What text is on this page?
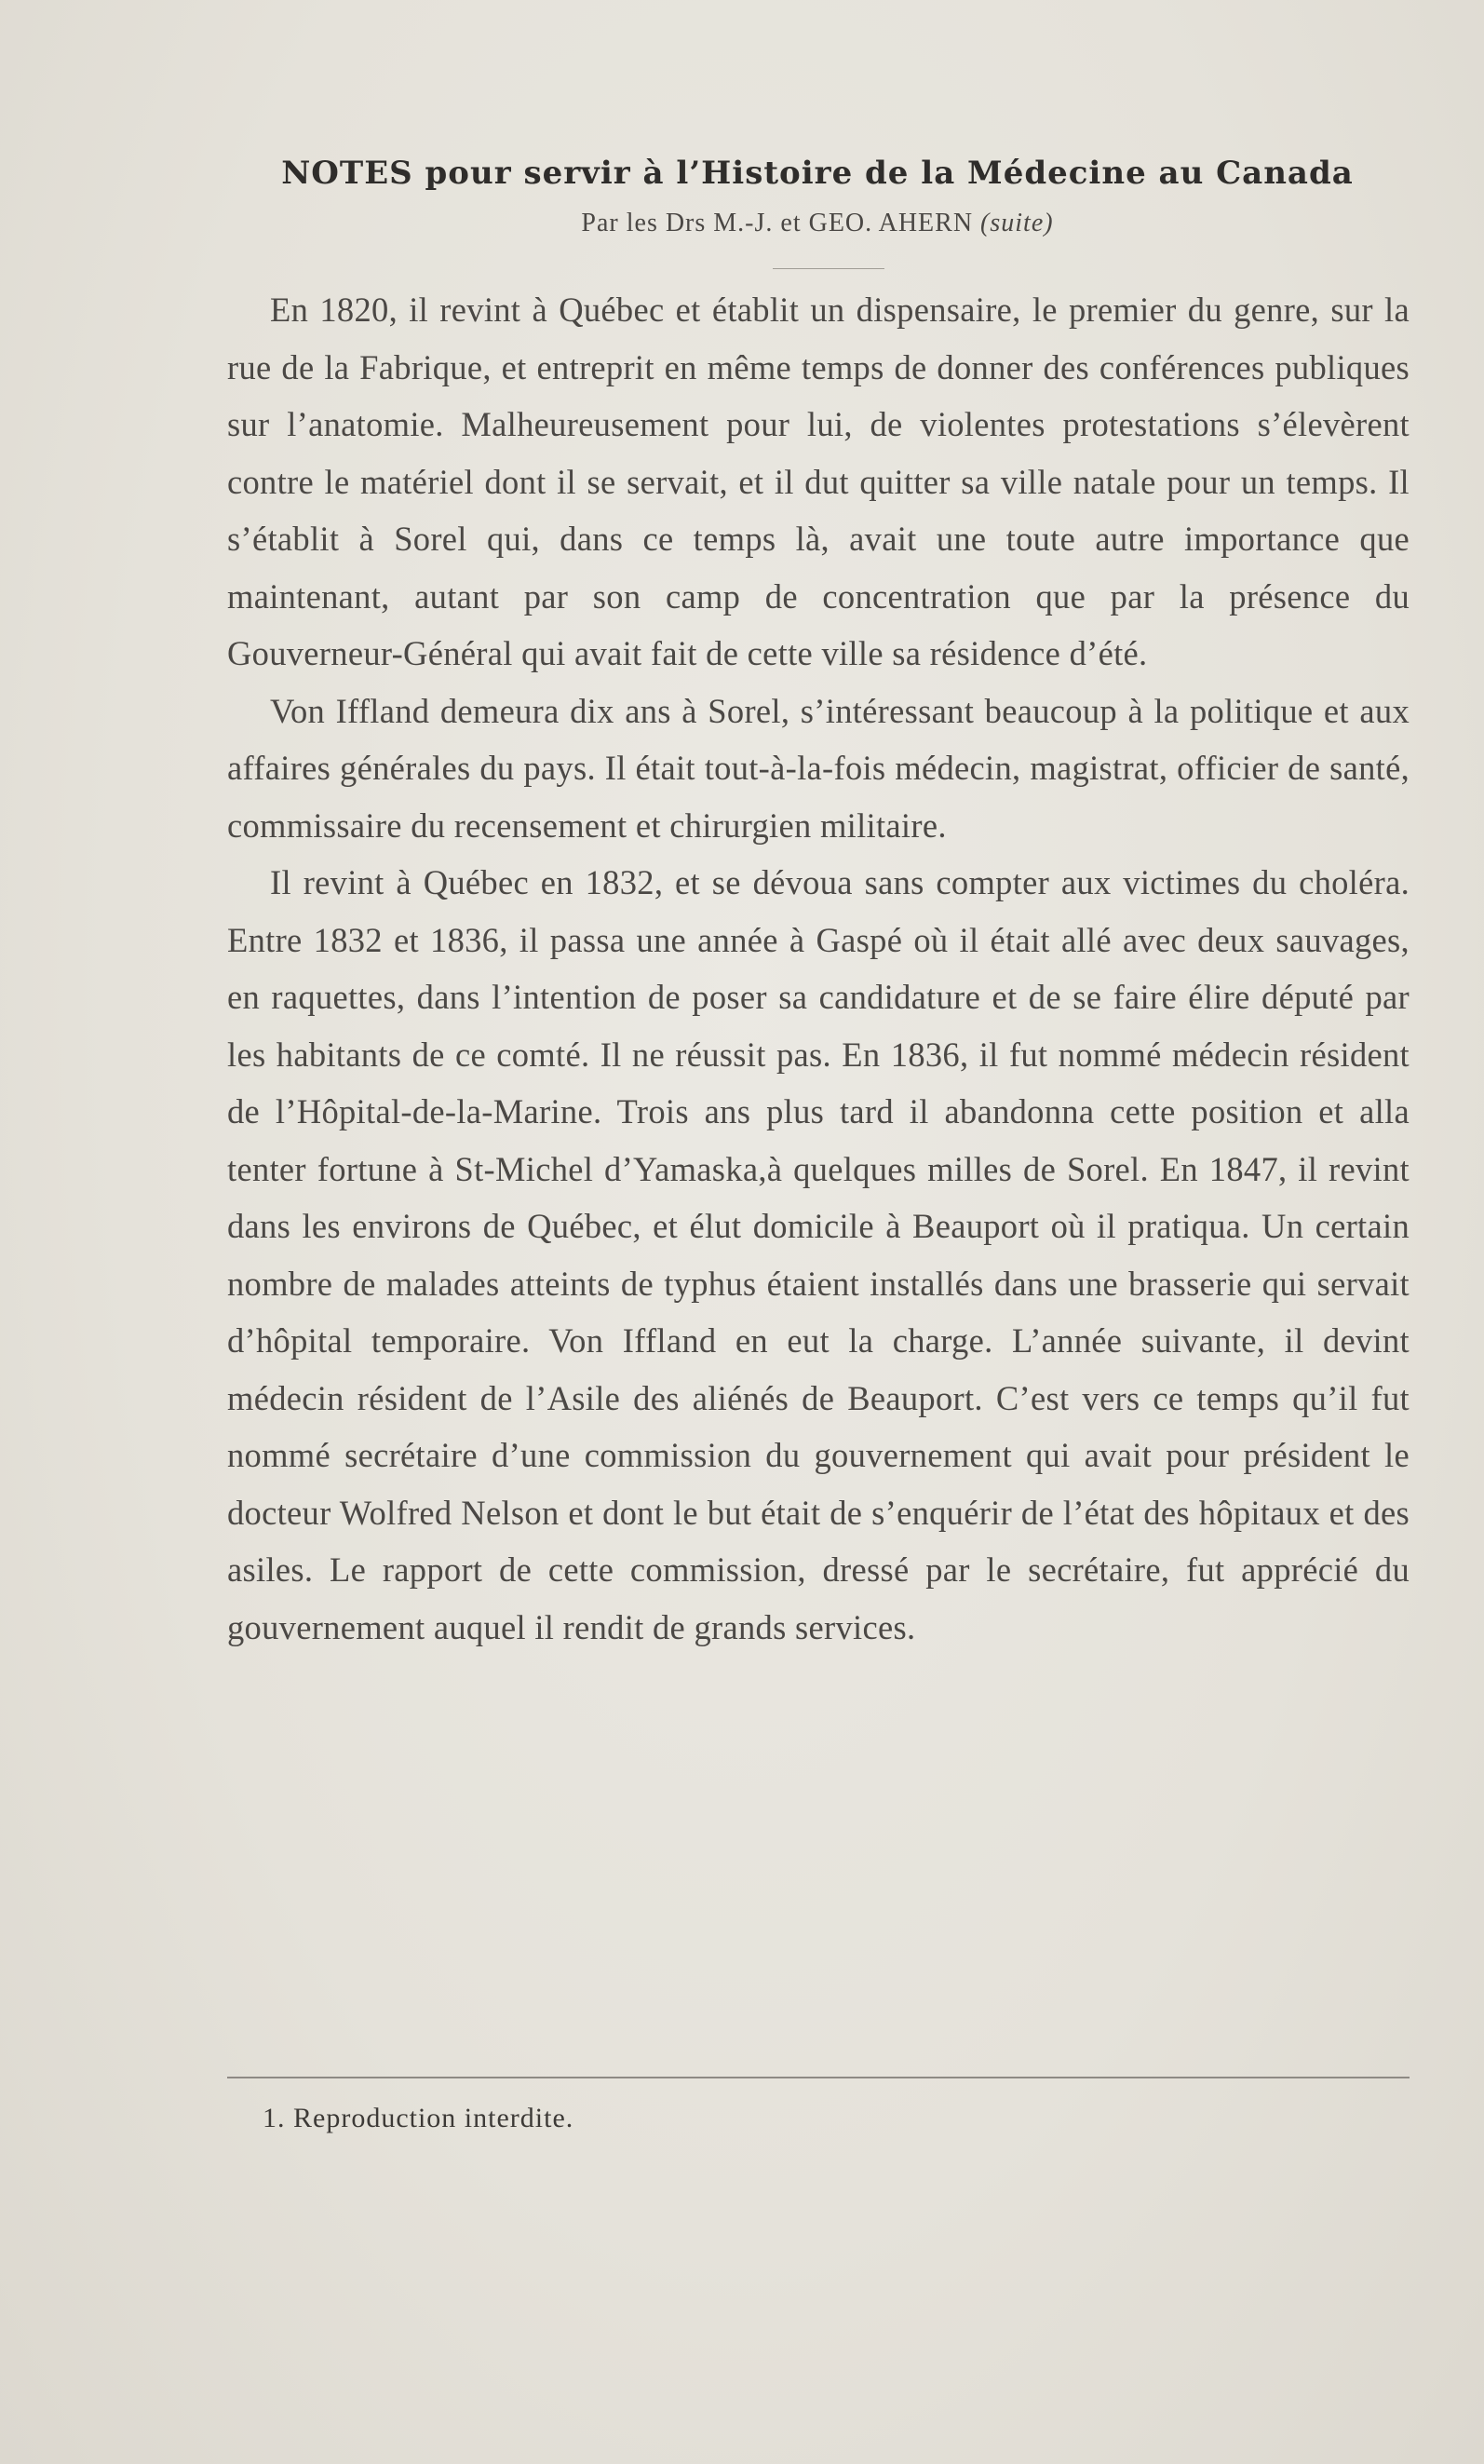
NOTES pour servir à l’Histoire de la Médecine au Canada
Par les Drs M.-J. et GEO. AHERN (suite)

En 1820, il revint à Québec et établit un dispensaire, le premier du genre, sur la rue de la Fabrique, et entreprit en même temps de donner des conférences publiques sur l’anatomie. Malheureusement pour lui, de violentes protestations s’élevèrent contre le matériel dont il se servait, et il dut quitter sa ville natale pour un temps. Il s’établit à Sorel qui, dans ce temps là, avait une toute autre importance que maintenant, autant par son camp de concentration que par la présence du Gouverneur-Général qui avait fait de cette ville sa résidence d’été.

Von Iffland demeura dix ans à Sorel, s’intéressant beaucoup à la politique et aux affaires générales du pays. Il était tout-à-la-fois médecin, magistrat, officier de santé, commissaire du recensement et chirurgien militaire.

Il revint à Québec en 1832, et se dévoua sans compter aux victimes du choléra. Entre 1832 et 1836, il passa une année à Gaspé où il était allé avec deux sauvages, en raquettes, dans l’intention de poser sa candidature et de se faire élire député par les habitants de ce comté. Il ne réussit pas. En 1836, il fut nommé médecin résident de l’Hôpital-de-la-Marine. Trois ans plus tard il abandonna cette position et alla tenter fortune à St-Michel d’Yamaska,à quelques milles de Sorel. En 1847, il revint dans les environs de Québec, et élut domicile à Beauport où il pratiqua. Un certain nombre de malades atteints de typhus étaient installés dans une brasserie qui servait d’hôpital temporaire. Von Iffland en eut la charge. L’année suivante, il devint médecin résident de l’Asile des aliénés de Beauport. C’est vers ce temps qu’il fut nommé secrétaire d’une commission du gouvernement qui avait pour président le docteur Wolfred Nelson et dont le but était de s’enquérir de l’état des hôpitaux et des asiles. Le rapport de cette commission, dressé par le secrétaire, fut apprécié du gouvernement auquel il rendit de grands services.

1. Reproduction interdite.
